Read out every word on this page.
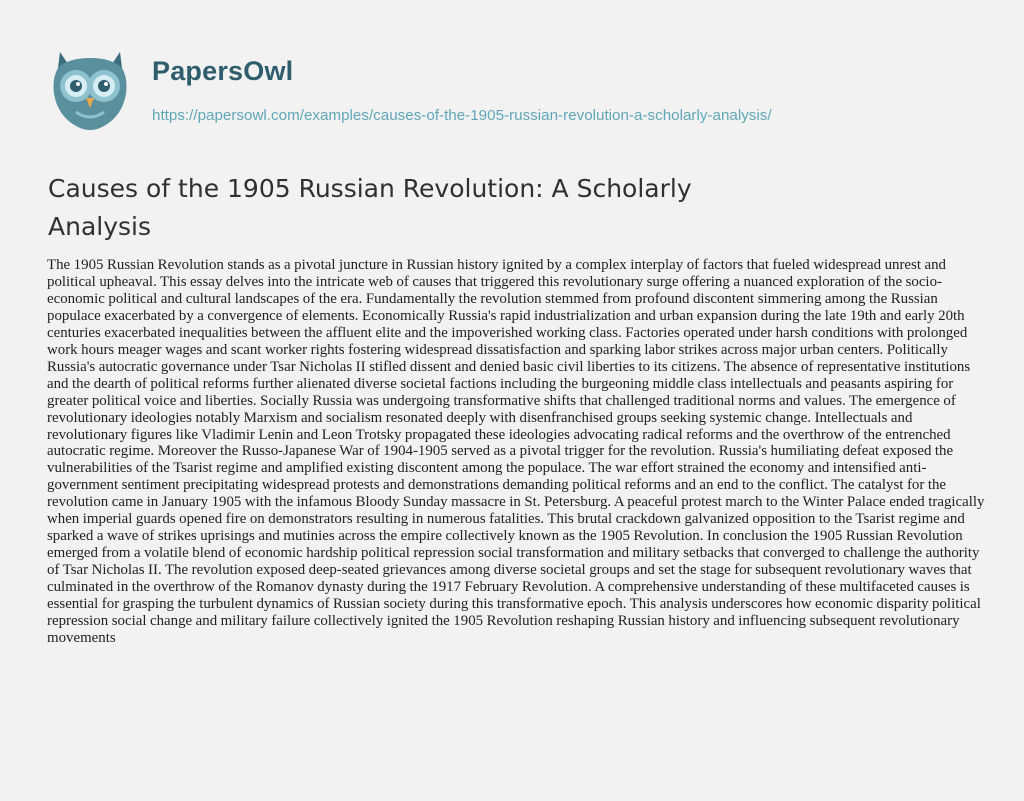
PapersOwl
https://papersowl.com/examples/causes-of-the-1905-russian-revolution-a-scholarly-analysis/
Causes of the 1905 Russian Revolution: A Scholarly Analysis

The 1905 Russian Revolution stands as a pivotal juncture in Russian history ignited by a complex interplay of factors that fueled widespread unrest and political upheaval. This essay delves into the intricate web of causes that triggered this revolutionary surge offering a nuanced exploration of the socio-economic political and cultural landscapes of the era. Fundamentally the revolution stemmed from profound discontent simmering among the Russian populace exacerbated by a convergence of elements. Economically Russia's rapid industrialization and urban expansion during the late 19th and early 20th centuries exacerbated inequalities between the affluent elite and the impoverished working class. Factories operated under harsh conditions with prolonged work hours meager wages and scant worker rights fostering widespread dissatisfaction and sparking labor strikes across major urban centers. Politically Russia's autocratic governance under Tsar Nicholas II stifled dissent and denied basic civil liberties to its citizens. The absence of representative institutions and the dearth of political reforms further alienated diverse societal factions including the burgeoning middle class intellectuals and peasants aspiring for greater political voice and liberties. Socially Russia was undergoing transformative shifts that challenged traditional norms and values. The emergence of revolutionary ideologies notably Marxism and socialism resonated deeply with disenfranchised groups seeking systemic change. Intellectuals and revolutionary figures like Vladimir Lenin and Leon Trotsky propagated these ideologies advocating radical reforms and the overthrow of the entrenched autocratic regime. Moreover the Russo-Japanese War of 1904-1905 served as a pivotal trigger for the revolution. Russia's humiliating defeat exposed the vulnerabilities of the Tsarist regime and amplified existing discontent among the populace. The war effort strained the economy and intensified anti-government sentiment precipitating widespread protests and demonstrations demanding political reforms and an end to the conflict. The catalyst for the revolution came in January 1905 with the infamous Bloody Sunday massacre in St. Petersburg. A peaceful protest march to the Winter Palace ended tragically when imperial guards opened fire on demonstrators resulting in numerous fatalities. This brutal crackdown galvanized opposition to the Tsarist regime and sparked a wave of strikes uprisings and mutinies across the empire collectively known as the 1905 Revolution. In conclusion the 1905 Russian Revolution emerged from a volatile blend of economic hardship political repression social transformation and military setbacks that converged to challenge the authority of Tsar Nicholas II. The revolution exposed deep-seated grievances among diverse societal groups and set the stage for subsequent revolutionary waves that culminated in the overthrow of the Romanov dynasty during the 1917 February Revolution. A comprehensive understanding of these multifaceted causes is essential for grasping the turbulent dynamics of Russian society during this transformative epoch. This analysis underscores how economic disparity political repression social change and military failure collectively ignited the 1905 Revolution reshaping Russian history and influencing subsequent revolutionary movements
